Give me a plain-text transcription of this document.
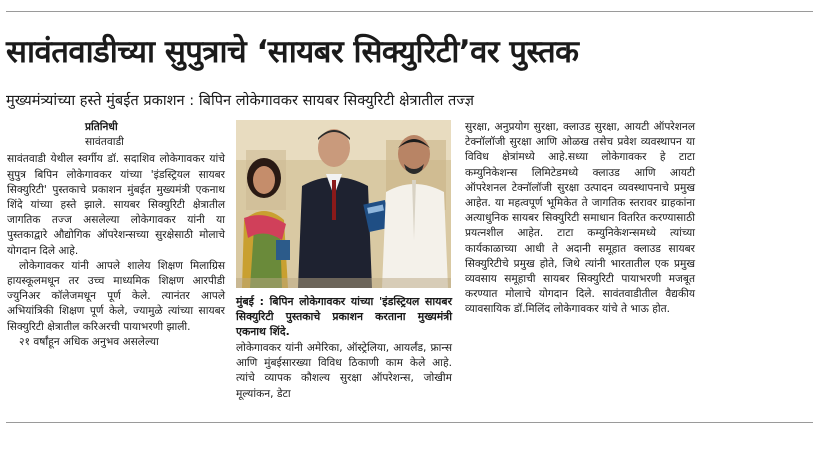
सावंतवाडीच्या सुपुत्राचे ‘सायबर सिक्युरिटी’वर पुस्तक
मुख्यमंत्र्यांच्या हस्ते मुंबईत प्रकाशन : बिपिन लोकेगावकर सायबर सिक्युरिटी क्षेत्रातील तज्ज्ञ

प्रतिनिधी

सावंतवाडी

सावंतवाडी येथील स्वर्गीय डॉ. सदाशिव लोकेगावकर यांचे सुपुत्र बिपिन लोकेगावकर यांच्या 'इंडस्ट्रियल सायबर सिक्युरिटी' पुस्तकाचे प्रकाशन मुंबईत मुख्यमंत्री एकनाथ शिंदे यांच्या हस्ते झाले. सायबर सिक्युरिटी क्षेत्रातील जागतिक तज्ज असलेल्या लोकेगावकर यांनी या पुस्तकाद्वारे औद्योगिक ऑपरेशन्सच्या सुरक्षेसाठी मोलाचे योगदान दिले आहे.

लोकेगावकर यांनी आपले शालेय शिक्षण मिलाग्रिस हायस्कूलमधून तर उच्च माध्यमिक शिक्षण आरपीडी ज्युनिअर कॉलेजमधून पूर्ण केले. त्यानंतर आपले अभियांत्रिकी शिक्षण पूर्ण केले, ज्यामुळे त्यांच्या सायबर सिक्युरिटी क्षेत्रातील करिअरची पायाभरणी झाली.

२१ वर्षांहून अधिक अनुभव असलेल्या

मुंबई : बिपिन लोकेगावकर यांच्या 'इंडस्ट्रियल सायबर सिक्युरिटी पुस्तकाचे प्रकाशन करताना मुख्यमंत्री एकनाथ शिंदे.
लोकेगावकर यांनी अमेरिका, ऑस्ट्रेलिया, आयर्लंड, फ्रान्स आणि मुंबईसारख्या विविध ठिकाणी काम केले आहे. त्यांचे व्यापक कौशल्य सुरक्षा ऑपरेशन्स, जोखीम मूल्यांकन, डेटा
सुरक्षा, अनुप्रयोग सुरक्षा, क्लाउड सुरक्षा, आयटी ऑपरेशनल टेक्नॉलॉजी सुरक्षा आणि ओळख तसेच प्रवेश व्यवस्थापन या विविध क्षेत्रांमध्ये आहे.सध्या लोकेगावकर हे टाटा कम्युनिकेशन्स लिमिटेडमध्ये क्लाउड आणि आयटी ऑपरेशनल टेक्नॉलॉजी सुरक्षा उत्पादन व्यवस्थापनाचे प्रमुख आहेत. या महत्वपूर्ण भूमिकेत ते जागतिक स्तरावर ग्राहकांना अत्याधुनिक सायबर सिक्युरिटी समाधान वितरित करण्यासाठी प्रयत्नशील आहेत. टाटा कम्युनिकेशन्समध्ये त्यांच्या कार्यकाळाच्या आधी ते अदानी समूहात क्लाउड सायबर सिक्युरिटीचे प्रमुख होते, जिथे त्यांनी भारतातील एक प्रमुख व्यवसाय समूहाची सायबर सिक्युरिटी पायाभरणी मजबूत करण्यात मोलाचे योगदान दिले. सावंतवाडीतील वैद्यकीय व्यावसायिक डॉ.मिलिंद लोकेगावकर यांचे ते भाऊ होत.
